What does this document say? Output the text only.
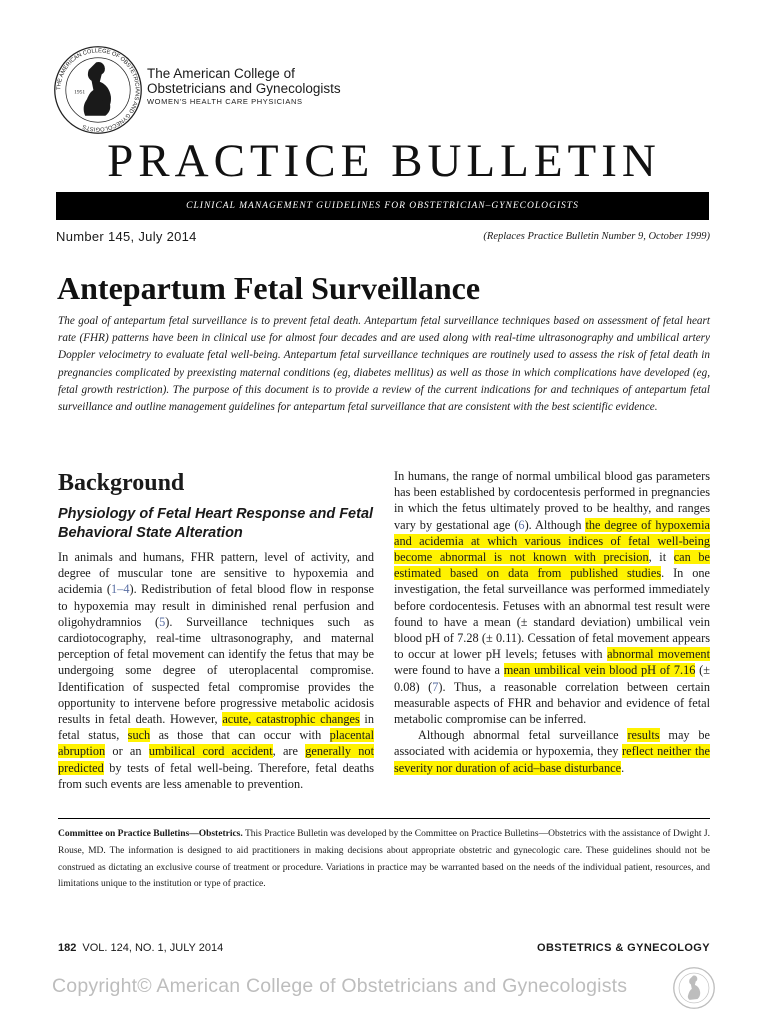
THE AMERICAN COLLEGE OF OBSTETRICIANS AND GYNECOLOGISTS
1951
The American College of
Obstetricians and Gynecologists
WOMEN'S HEALTH CARE PHYSICIANS
PRACTICE BULLETIN
CLINICAL MANAGEMENT GUIDELINES FOR OBSTETRICIAN–GYNECOLOGISTS
Number 145, July 2014	(Replaces Practice Bulletin Number 9, October 1999)
Antepartum Fetal Surveillance

The goal of antepartum fetal surveillance is to prevent fetal death. Antepartum fetal surveillance techniques based on assessment of fetal heart rate (FHR) patterns have been in clinical use for almost four decades and are used along with real-time ultrasonography and umbilical artery Doppler velocimetry to evaluate fetal well-being. Antepartum fetal surveillance techniques are routinely used to assess the risk of fetal death in pregnancies complicated by preexisting maternal conditions (eg, diabetes mellitus) as well as those in which complications have developed (eg, fetal growth restriction). The purpose of this document is to provide a review of the current indications for and techniques of antepartum fetal surveillance and outline management guidelines for antepartum fetal surveillance that are consistent with the best scientific evidence.

Background
Physiology of Fetal Heart Response and Fetal Behavioral State Alteration

In animals and humans, FHR pattern, level of activity, and degree of muscular tone are sensitive to hypoxemia and acidemia (1–4). Redistribution of fetal blood flow in response to hypoxemia may result in diminished renal perfusion and oligohydramnios (5). Surveillance techniques such as cardiotocography, real-time ultrasonography, and maternal perception of fetal movement can identify the fetus that may be undergoing some degree of uteroplacental compromise. Identification of suspected fetal compromise provides the opportunity to intervene before progressive metabolic acidosis results in fetal death. However, acute, catastrophic changes in fetal status, such as those that can occur with placental abruption or an umbilical cord accident, are generally not predicted by tests of fetal well-being. Therefore, fetal deaths from such events are less amenable to prevention.

In humans, the range of normal umbilical blood gas parameters has been established by cordocentesis performed in pregnancies in which the fetus ultimately proved to be healthy, and ranges vary by gestational age (6). Although the degree of hypoxemia and acidemia at which various indices of fetal well-being become abnormal is not known with precision, it can be estimated based on data from published studies. In one investigation, the fetal surveillance was performed immediately before cordocentesis. Fetuses with an abnormal test result were found to have a mean (± standard deviation) umbilical vein blood pH of 7.28 (± 0.11). Cessation of fetal movement appears to occur at lower pH levels; fetuses with abnormal movement were found to have a mean umbilical vein blood pH of 7.16 (± 0.08) (7). Thus, a reasonable correlation between certain measurable aspects of FHR and behavior and evidence of fetal metabolic compromise can be inferred.

Although abnormal fetal surveillance results may be associated with acidemia or hypoxemia, they reflect neither the severity nor duration of acid–base disturbance.

Committee on Practice Bulletins—Obstetrics. This Practice Bulletin was developed by the Committee on Practice Bulletins—Obstetrics with the assistance of Dwight J. Rouse, MD. The information is designed to aid practitioners in making decisions about appropriate obstetric and gynecologic care. These guidelines should not be construed as dictating an exclusive course of treatment or procedure. Variations in practice may be warranted based on the needs of the individual patient, resources, and limitations unique to the institution or type of practice.

182 VOL. 124, NO. 1, JULY 2014	OBSTETRICS & GYNECOLOGY
Copyright© American College of Obstetricians and Gynecologists
